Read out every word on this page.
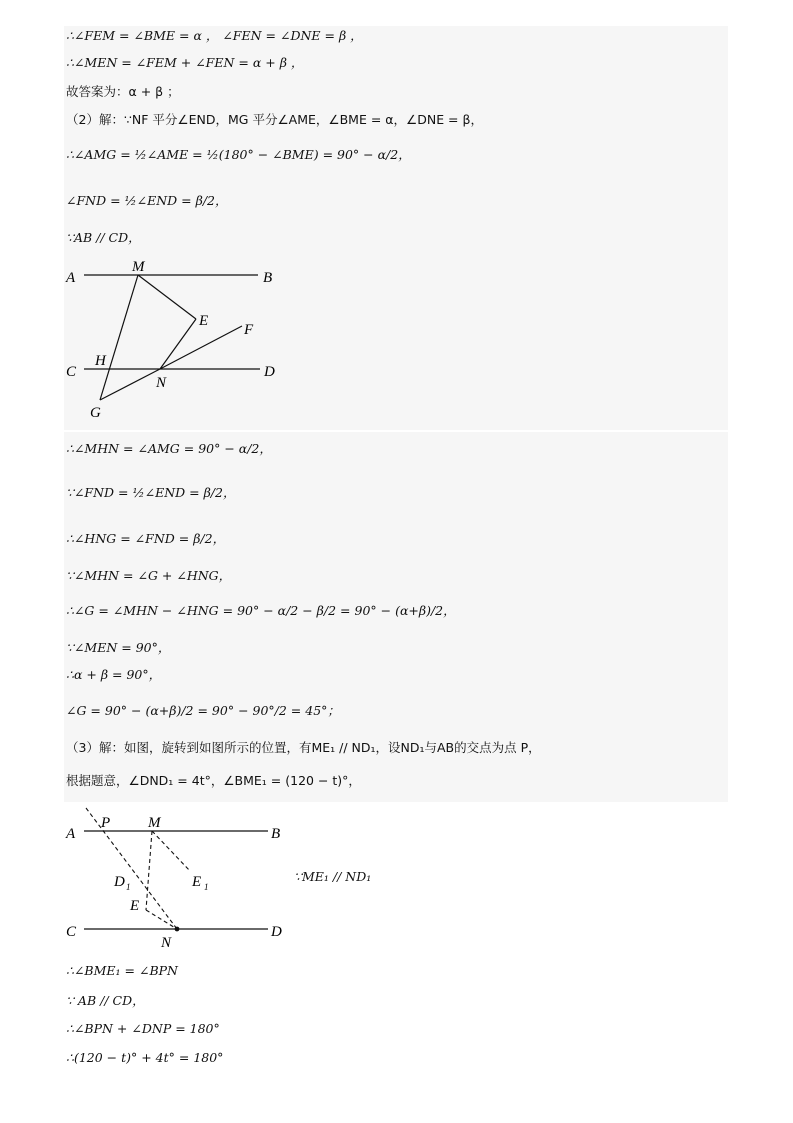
∴∠FEM = ∠BME = α ， ∠FEN = ∠DNE = β ，
∴∠MEN = ∠FEM + ∠FEN = α + β ，
故答案为：α + β ；
（2）解：∵NF 平分∠END，MG 平分∠AME，∠BME = α，∠DNE = β，
∴∠AMG = ½∠AME = ½(180° − ∠BME) = 90° − α/2，
∠FND = ½∠END = β/2，
∵AB // CD，
A
M
B
E
F
C
H
N
D
G
∴∠MHN = ∠AMG = 90° − α/2，
∵∠FND = ½∠END = β/2，
∴∠HNG = ∠FND = β/2，
∵∠MHN = ∠G + ∠HNG，
∴∠G = ∠MHN − ∠HNG = 90° − α/2 − β/2 = 90° − (α+β)/2，
∵∠MEN = 90°，
∴α + β = 90°，
∠G = 90° − (α+β)/2 = 90° − 90°/2 = 45°；
（3）解：如图，旋转到如图所示的位置，有ME₁ // ND₁，设ND₁与AB的交点为点 P，
根据题意，∠DND₁ = 4t°，∠BME₁ = (120 − t)°，
A
P	M
B
D 1	E 1
E
C
N
D
∵ME₁ // ND₁
∴∠BME₁ = ∠BPN
∵ AB // CD，
∴∠BPN + ∠DNP = 180°
∴(120 − t)° + 4t° = 180°
